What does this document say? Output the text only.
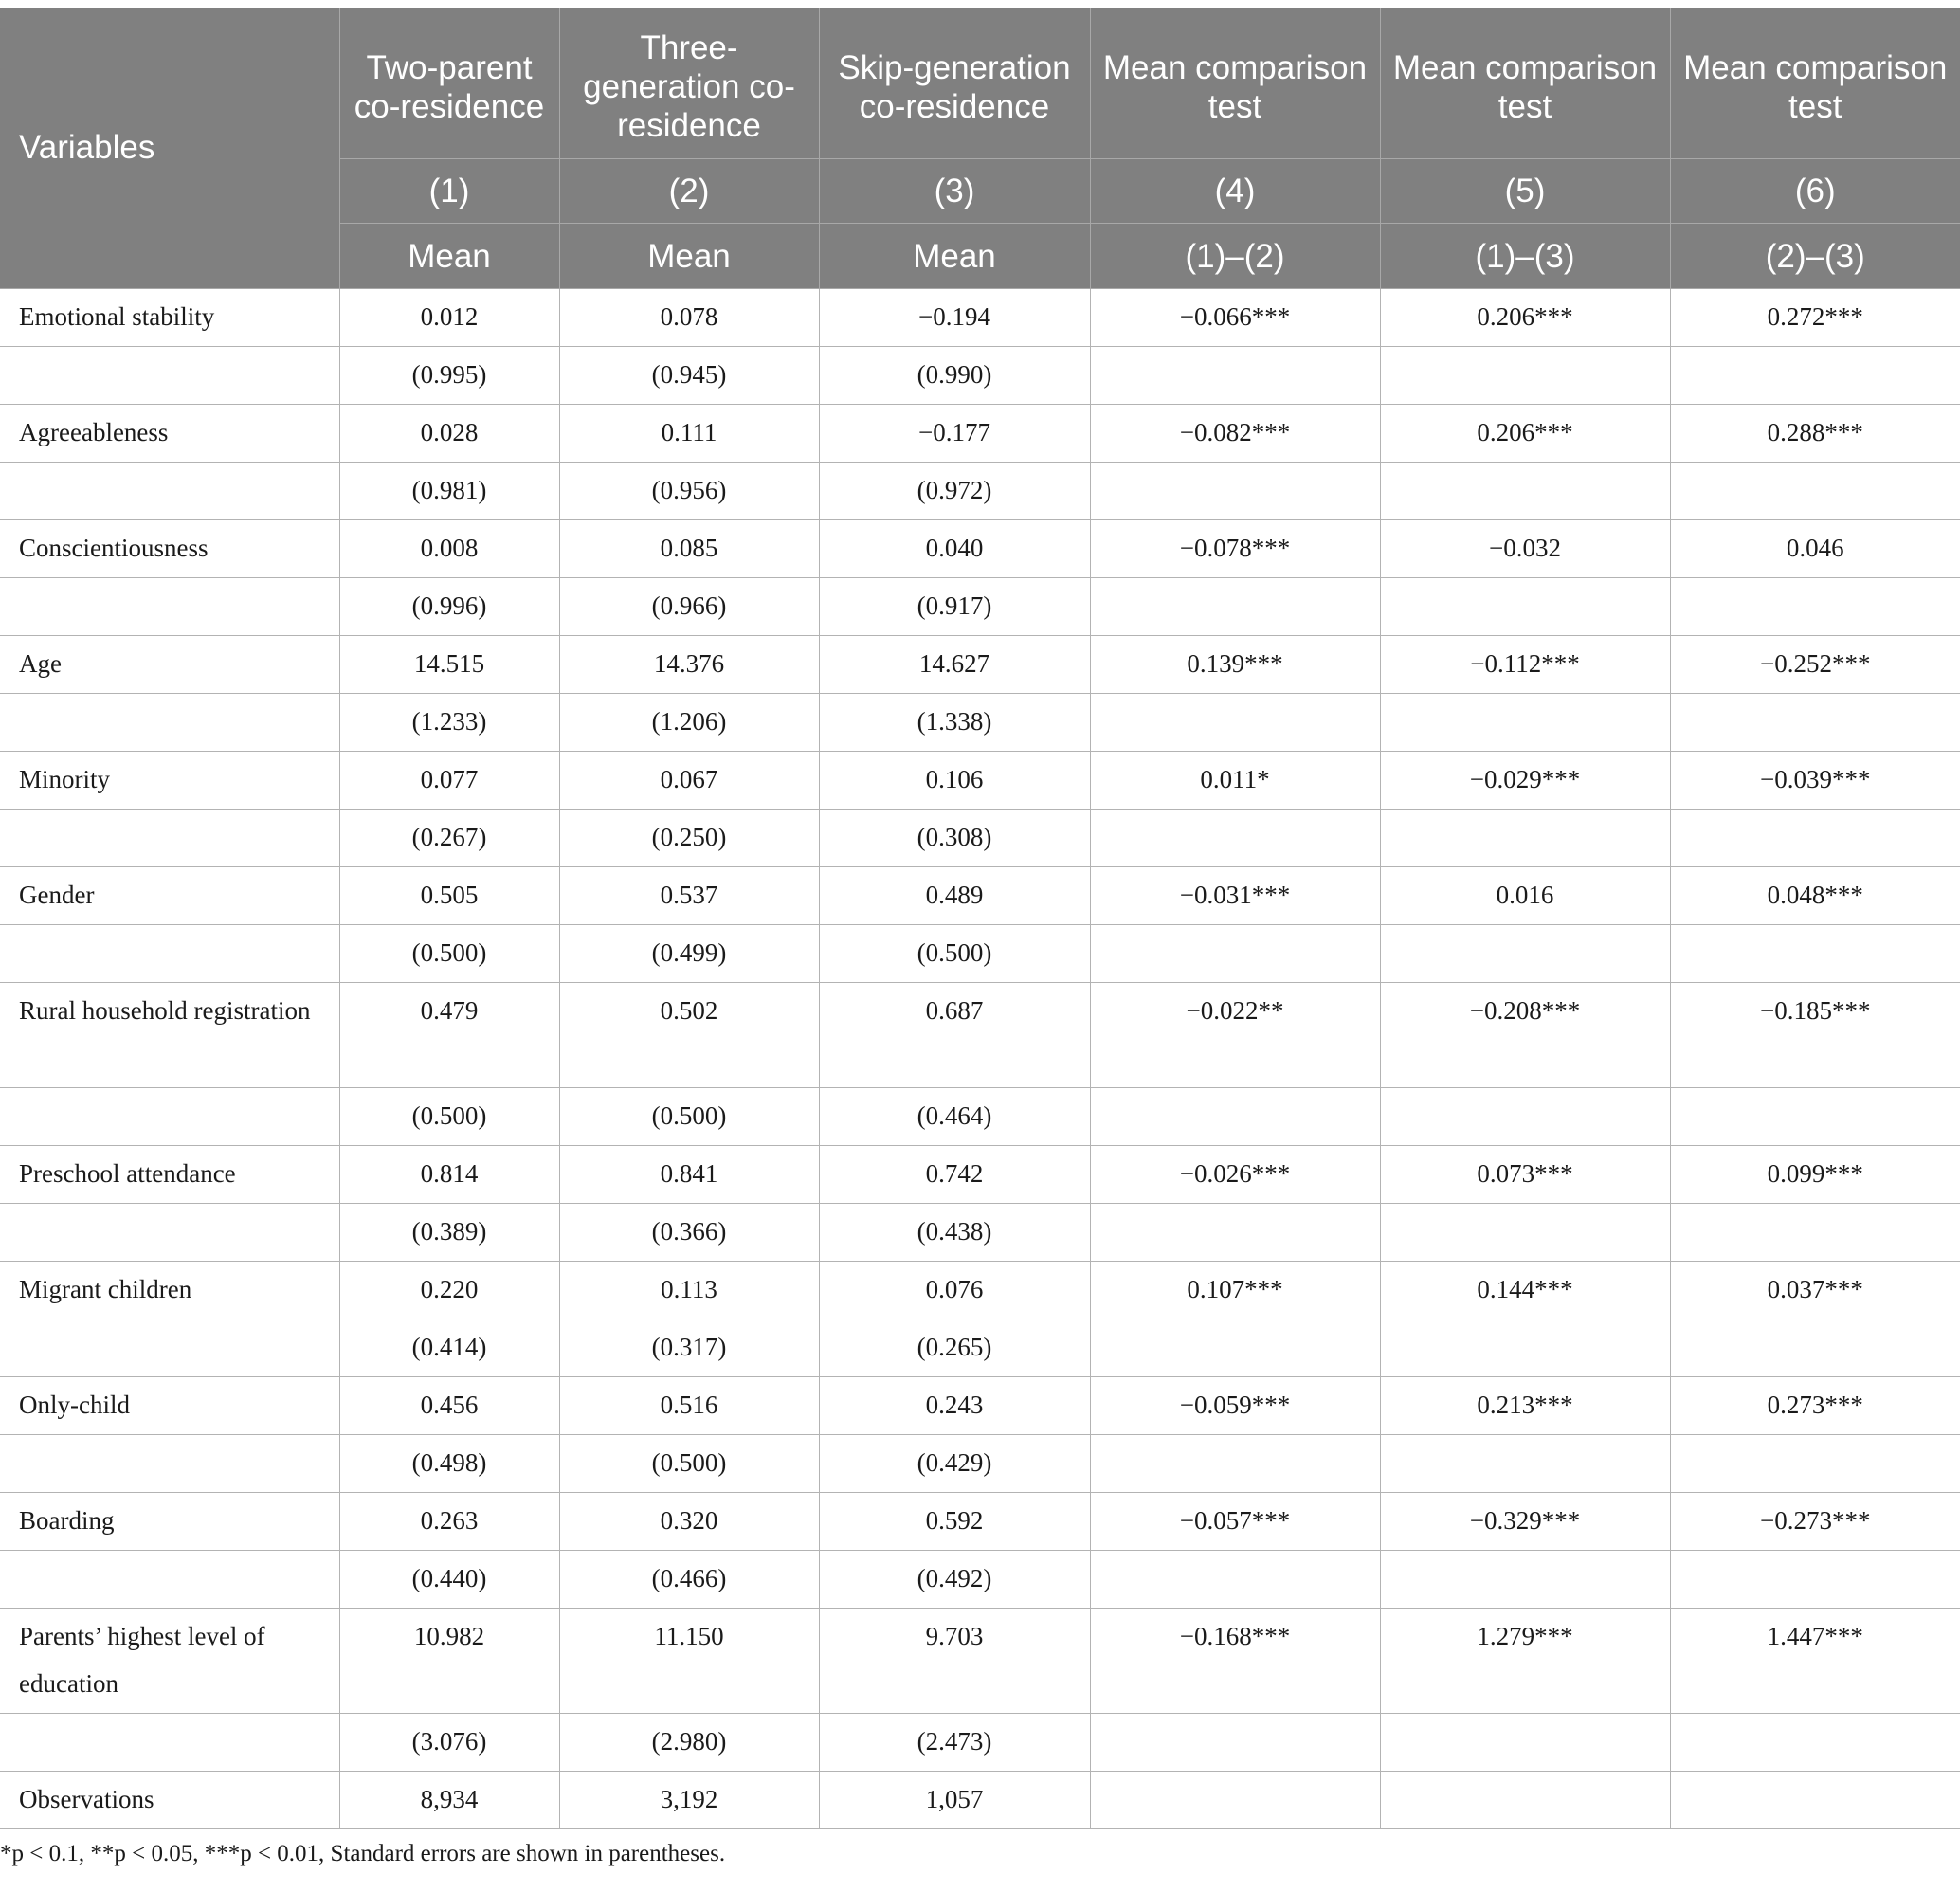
Variables	Two-parent co-residence	Three-generation co-residence	Skip-generation co-residence	Mean comparison test	Mean comparison test	Mean comparison test
	(1)	(2)	(3)	(4)	(5)	(6)
	Mean	Mean	Mean	(1)–(2)	(1)–(3)	(2)–(3)
Emotional stability	0.012	0.078	−0.194	−0.066***	0.206***	0.272***
	(0.995)	(0.945)	(0.990)			
Agreeableness	0.028	0.111	−0.177	−0.082***	0.206***	0.288***
	(0.981)	(0.956)	(0.972)			
Conscientiousness	0.008	0.085	0.040	−0.078***	−0.032	0.046
	(0.996)	(0.966)	(0.917)			
Age	14.515	14.376	14.627	0.139***	−0.112***	−0.252***
	(1.233)	(1.206)	(1.338)			
Minority	0.077	0.067	0.106	0.011*	−0.029***	−0.039***
	(0.267)	(0.250)	(0.308)			
Gender	0.505	0.537	0.489	−0.031***	0.016	0.048***
	(0.500)	(0.499)	(0.500)			
Rural household registration	0.479	0.502	0.687	−0.022**	−0.208***	−0.185***
	(0.500)	(0.500)	(0.464)			
Preschool attendance	0.814	0.841	0.742	−0.026***	0.073***	0.099***
	(0.389)	(0.366)	(0.438)			
Migrant children	0.220	0.113	0.076	0.107***	0.144***	0.037***
	(0.414)	(0.317)	(0.265)			
Only-child	0.456	0.516	0.243	−0.059***	0.213***	0.273***
	(0.498)	(0.500)	(0.429)			
Boarding	0.263	0.320	0.592	−0.057***	−0.329***	−0.273***
	(0.440)	(0.466)	(0.492)			
Parents’ highest level of education	10.982	11.150	9.703	−0.168***	1.279***	1.447***
	(3.076)	(2.980)	(2.473)			
Observations	8,934	3,192	1,057			
*p < 0.1, **p < 0.05, ***p < 0.01, Standard errors are shown in parentheses.
